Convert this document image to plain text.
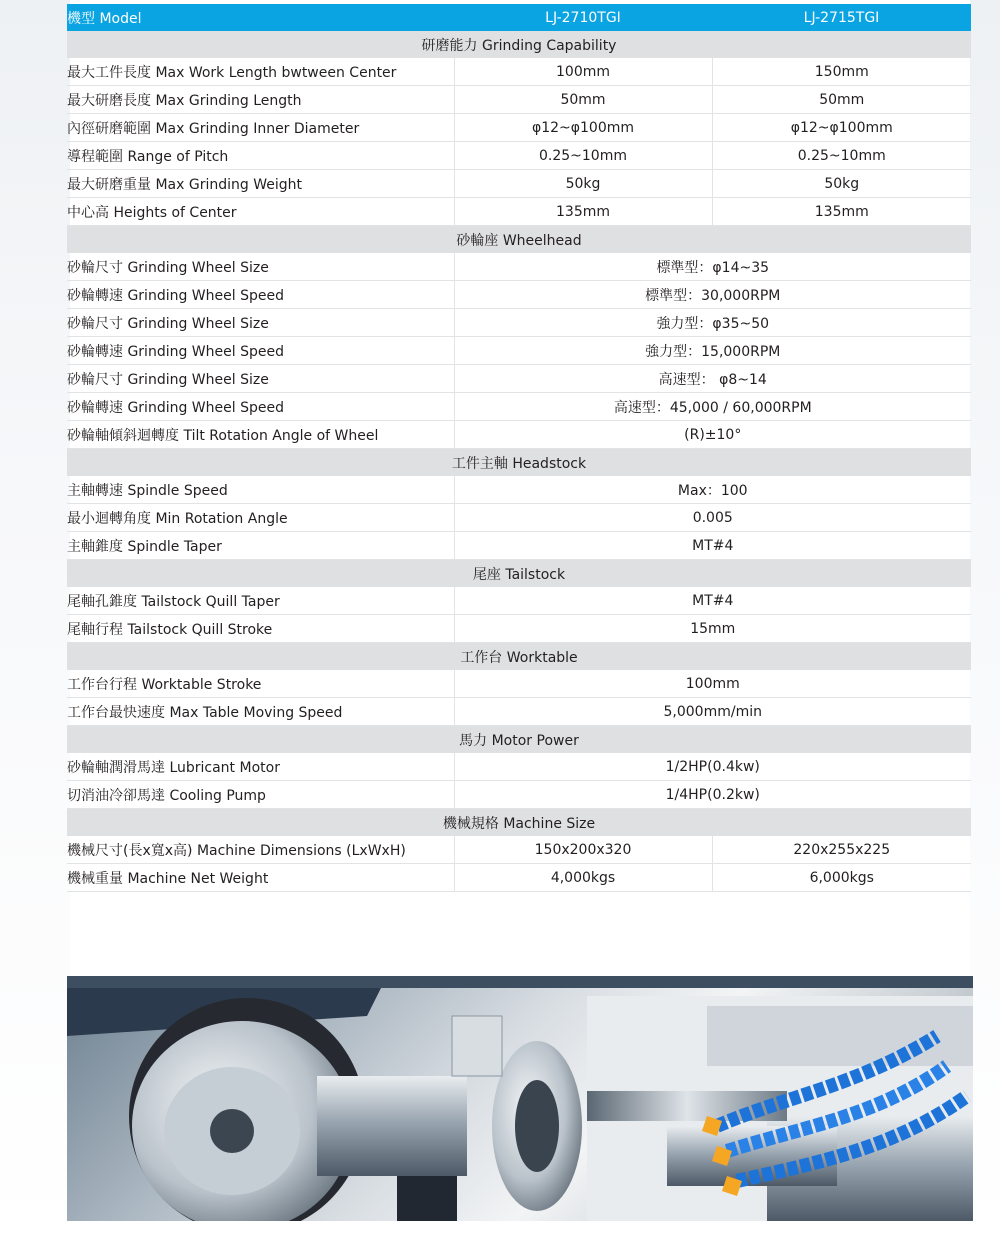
機型 Model	LJ-2710TGI	LJ-2715TGI
研磨能力 Grinding Capability		
最大工件長度 Max Work Length bwtween Center	100mm	150mm
最大研磨長度 Max Grinding Length	50mm	50mm
內徑研磨範圍 Max Grinding Inner Diameter	φ12~φ100mm	φ12~φ100mm
導程範圍 Range of Pitch	0.25~10mm	0.25~10mm
最大研磨重量 Max Grinding Weight	50kg	50kg
中心高 Heights of Center	135mm	135mm
砂輪座 Wheelhead		
砂輪尺寸 Grinding Wheel Size	標準型：φ14~35	
砂輪轉速 Grinding Wheel Speed	標準型：30,000RPM	
砂輪尺寸 Grinding Wheel Size	強力型：φ35~50	
砂輪轉速 Grinding Wheel Speed	強力型：15,000RPM	
砂輪尺寸 Grinding Wheel Size	高速型： φ8~14	
砂輪轉速 Grinding Wheel Speed	高速型：45,000 / 60,000RPM	
砂輪軸傾斜迴轉度 Tilt Rotation Angle of Wheel	(R)±10°	
工件主軸 Headstock		
主軸轉速 Spindle Speed	Max：100	
最小迴轉角度 Min Rotation Angle	0.005	
主軸錐度 Spindle Taper	MT#4	
尾座 Tailstock		
尾軸孔錐度 Tailstock Quill Taper	MT#4	
尾軸行程 Tailstock Quill Stroke	15mm	
工作台 Worktable		
工作台行程 Worktable Stroke	100mm	
工作台最快速度 Max Table Moving Speed	5,000mm/min	
馬力 Motor Power		
砂輪軸潤滑馬達 Lubricant Motor	1/2HP(0.4kw)	
切消油冷卻馬達 Cooling Pump	1/4HP(0.2kw)	
機械規格 Machine Size		
機械尺寸(長x寬x高) Machine Dimensions (LxWxH)	150x200x320	220x255x225
機械重量 Machine Net Weight	4,000kgs	6,000kgs
